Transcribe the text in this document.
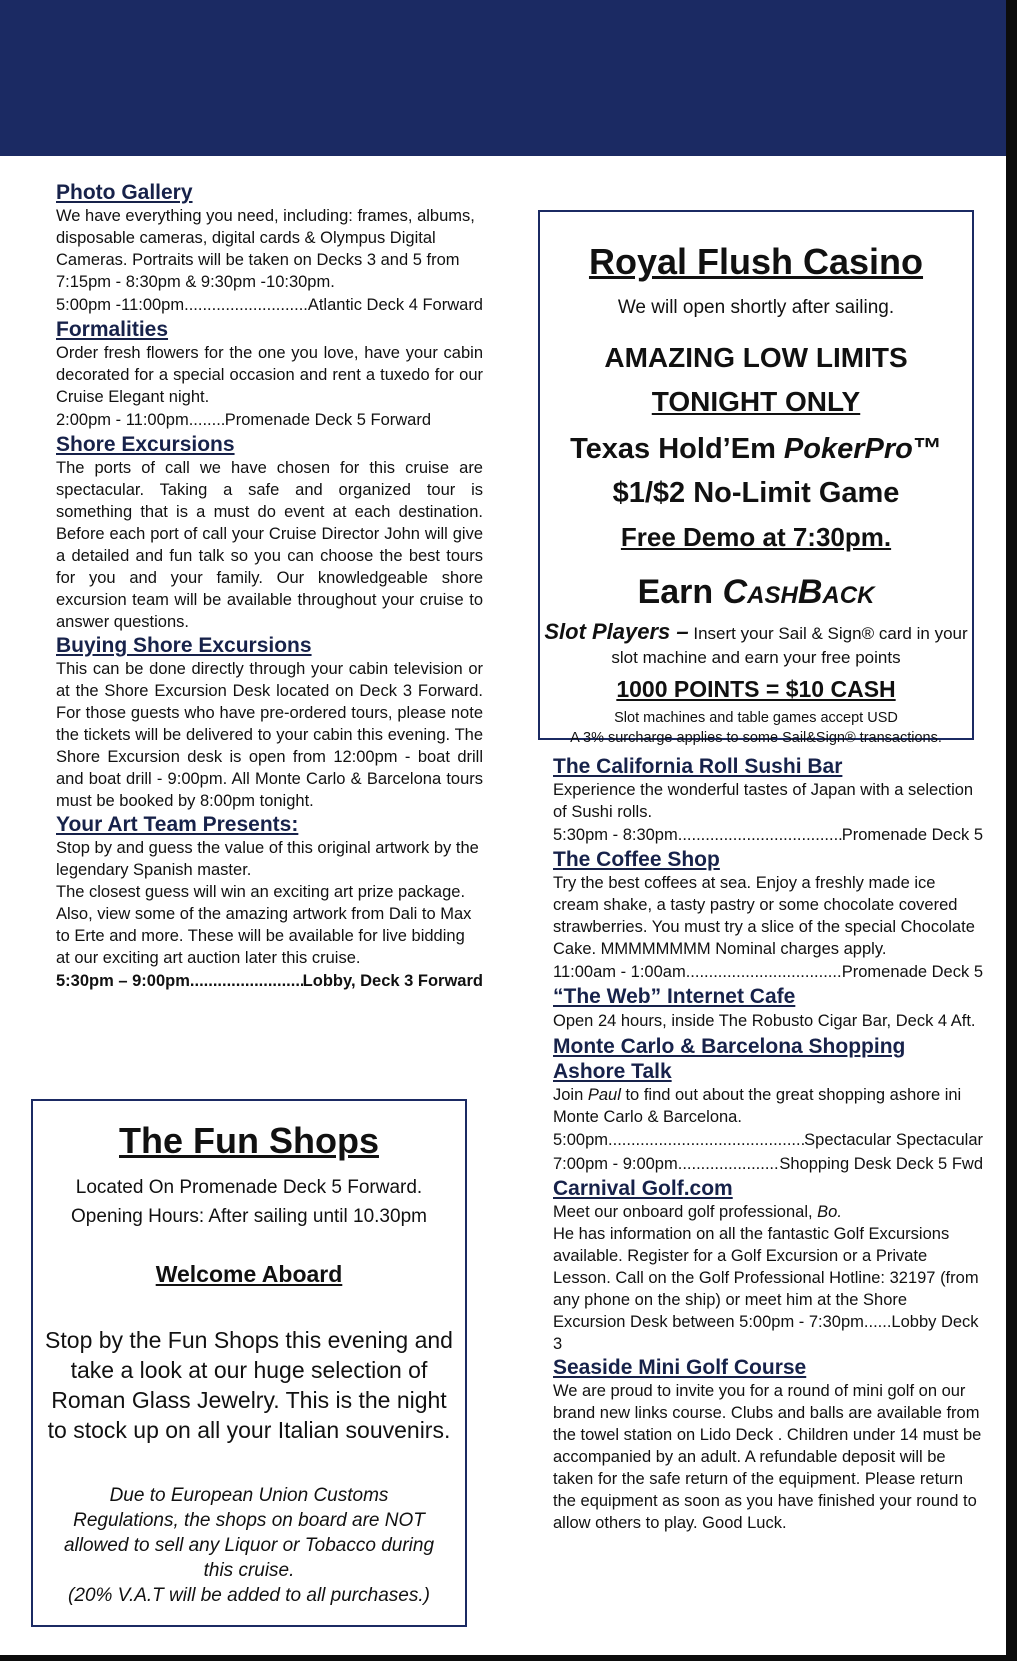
Photo Gallery
We have everything you need, including: frames, albums, disposable cameras, digital cards & Olympus Digital Cameras. Portraits will be taken on Decks 3 and 5 from 7:15pm - 8:30pm & 9:30pm -10:30pm.
5:00pm -11:00pm .....	Atlantic Deck 4 Forward
Formalities
Order fresh flowers for the one you love, have your cabin decorated for a special occasion and rent a tuxedo for our Cruise Elegant night.
2:00pm - 11:00pm ..... Promenade Deck 5 Forward
Shore Excursions
The ports of call we have chosen for this cruise are spectacular. Taking a safe and organized tour is something that is a must do event at each destination. Before each port of call your Cruise Director John will give a detailed and fun talk so you can choose the best tours for you and your family. Our knowledgeable shore excursion team will be available throughout your cruise to answer questions.
Buying Shore Excursions
This can be done directly through your cabin television or at the Shore Excursion Desk located on Deck 3 Forward. For those guests who have pre-ordered tours, please note the tickets will be delivered to your cabin this evening. The Shore Excursion desk is open from 12:00pm - boat drill and boat drill - 9:00pm. All Monte Carlo & Barcelona tours must be booked by 8:00pm tonight.
Your Art Team Presents:
Stop by and guess the value of this original artwork by the legendary Spanish master.
The closest guess will win an exciting art prize package. Also, view some of the amazing artwork from Dali to Max to Erte and more. These will be available for live bidding at our exciting art auction later this cruise.
5:30pm – 9:00pm .....	Lobby, Deck 3 Forward
Royal Flush Casino
We will open shortly after sailing.
AMAZING LOW LIMITS
TONIGHT ONLY
Texas Hold’Em PokerPro™
$1/$2 No-Limit Game
Free Demo at 7:30pm.
Earn CashBack
Slot Players – Insert your Sail & Sign® card in your slot machine and earn your free points
1000 POINTS = $10 CASH
Slot machines and table games accept USD
A 3% surcharge applies to some Sail&Sign® transactions.
The Fun Shops
Located On Promenade Deck 5 Forward.
Opening Hours: After sailing until 10.30pm
Welcome Aboard
Stop by the Fun Shops this evening and take a look at our huge selection of Roman Glass Jewelry. This is the night to stock up on all your Italian souvenirs.
Due to European Union Customs Regulations, the shops on board are NOT allowed to sell any Liquor or Tobacco during this cruise.
(20% V.A.T will be added to all purchases.)
The California Roll Sushi Bar
Experience the wonderful tastes of Japan with a selection of Sushi rolls.
5:30pm - 8:30pm .....	Promenade Deck 5
The Coffee Shop
Try the best coffees at sea. Enjoy a freshly made ice cream shake, a tasty pastry or some chocolate covered strawberries. You must try a slice of the special Chocolate Cake. MMMMMMMM Nominal charges apply.
11:00am - 1:00am .....	Promenade Deck 5
“The Web” Internet Cafe
Open 24 hours, inside The Robusto Cigar Bar, Deck 4 Aft.
Monte Carlo & Barcelona Shopping
Ashore Talk
Join Paul to find out about the great shopping ashore ini Monte Carlo & Barcelona.
5:00pm .....	Spectacular Spectacular
7:00pm - 9:00pm .....	Shopping Desk Deck 5 Fwd
Carnival Golf.com
Meet our onboard golf professional, Bo.
He has information on all the fantastic Golf Excursions available. Register for a Golf Excursion or a Private Lesson. Call on the Golf Professional Hotline: 32197 (from any phone on the ship) or meet him at the Shore Excursion Desk between 5:00pm - 7:30pm......Lobby Deck 3
Seaside Mini Golf Course
We are proud to invite you for a round of mini golf on our brand new links course. Clubs and balls are available from the towel station on Lido Deck . Children under 14 must be accompanied by an adult. A refundable deposit will be taken for the safe return of the equipment. Please return the equipment as soon as you have finished your round to allow others to play. Good Luck.
